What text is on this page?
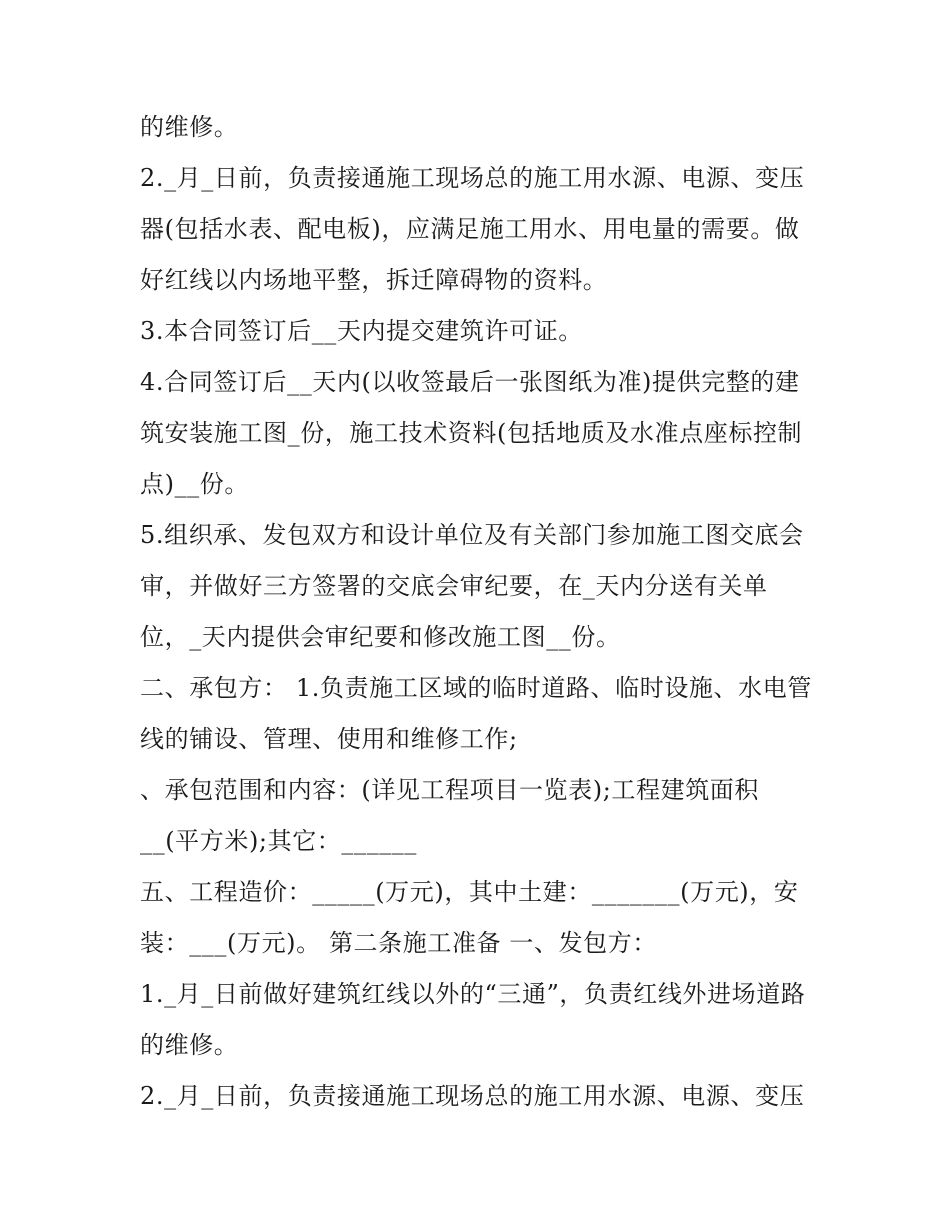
的维修。
2._月_日前，负责接通施工现场总的施工用水源、电源、变压
器(包括水表、配电板)，应满足施工用水、用电量的需要。做
好红线以内场地平整，拆迁障碍物的资料。
3.本合同签订后__天内提交建筑许可证。
4.合同签订后__天内(以收签最后一张图纸为准)提供完整的建
筑安装施工图_份，施工技术资料(包括地质及水准点座标控制
点)__份。
5.组织承、发包双方和设计单位及有关部门参加施工图交底会
审，并做好三方签署的交底会审纪要，在_天内分送有关单
位，_天内提供会审纪要和修改施工图__份。
二、承包方： 1.负责施工区域的临时道路、临时设施、水电管
线的铺设、管理、使用和维修工作;
、承包范围和内容：(详见工程项目一览表);工程建筑面积
__(平方米);其它：______
五、工程造价：_____(万元)，其中土建：_______(万元)，安
装：___(万元)。 第二条施工准备 一、发包方：
1._月_日前做好建筑红线以外的“三通”，负责红线外进场道路
的维修。
2._月_日前，负责接通施工现场总的施工用水源、电源、变压
